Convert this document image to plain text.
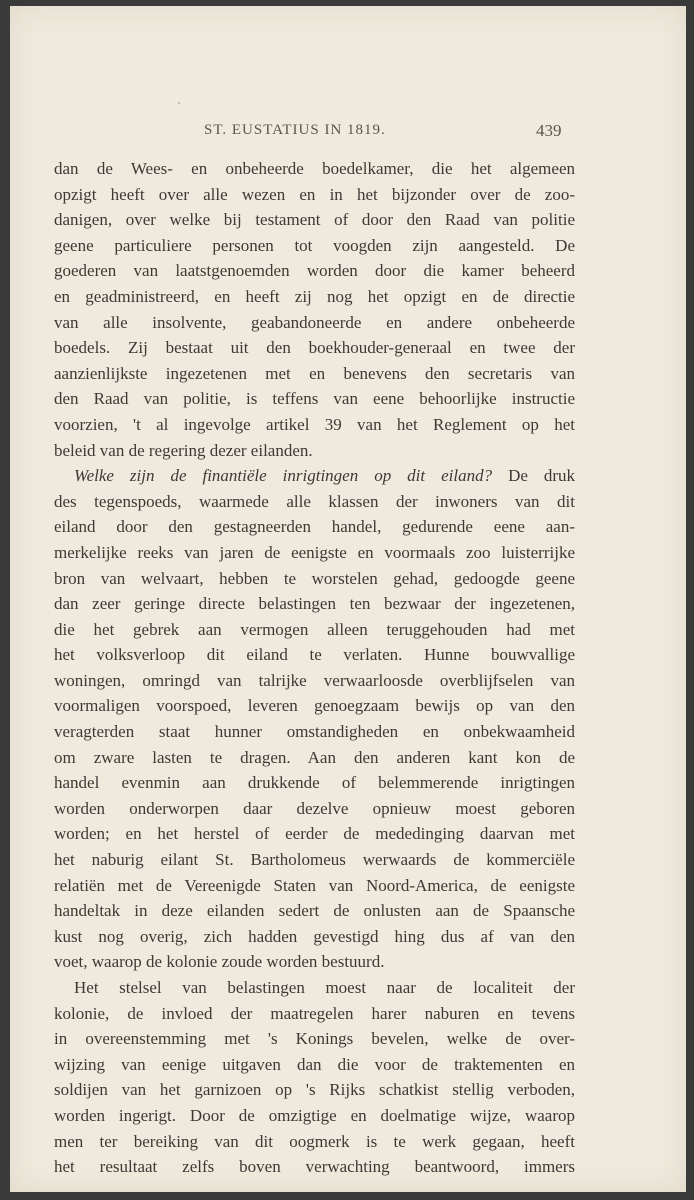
ST. EUSTATIUS IN 1819.	439

dan de Wees- en onbeheerde boedelkamer, die het algemeen

opzigt heeft over alle wezen en in het bijzonder over de zoo-

danigen, over welke bij testament of door den Raad van politie

geene particuliere personen tot voogden zijn aangesteld. De

goederen van laatstgenoemden worden door die kamer beheerd

en geadministreerd, en heeft zij nog het opzigt en de directie

van alle insolvente, geabandoneerde en andere onbeheerde

boedels. Zij bestaat uit den boekhouder-generaal en twee der

aanzienlijkste ingezetenen met en benevens den secretaris van

den Raad van politie, is teffens van eene behoorlijke instructie

voorzien, 't al ingevolge artikel 39 van het Reglement op het

beleid van de regering dezer eilanden.

Welke zijn de finantiële inrigtingen op dit eiland? De druk

des tegenspoeds, waarmede alle klassen der inwoners van dit

eiland door den gestagneerden handel, gedurende eene aan-

merkelijke reeks van jaren de eenigste en voormaals zoo luisterrijke

bron van welvaart, hebben te worstelen gehad, gedoogde geene

dan zeer geringe directe belastingen ten bezwaar der ingezetenen,

die het gebrek aan vermogen alleen teruggehouden had met

het volksverloop dit eiland te verlaten. Hunne bouwvallige

woningen, omringd van talrijke verwaarloosde overblijfselen van

voormaligen voorspoed, leveren genoegzaam bewijs op van den

veragterden staat hunner omstandigheden en onbekwaamheid

om zware lasten te dragen. Aan den anderen kant kon de

handel evenmin aan drukkende of belemmerende inrigtingen

worden onderworpen daar dezelve opnieuw moest geboren

worden; en het herstel of eerder de mededinging daarvan met

het naburig eilant St. Bartholomeus werwaards de kommerciële

relatiën met de Vereenigde Staten van Noord-America, de eenigste

handeltak in deze eilanden sedert de onlusten aan de Spaansche

kust nog overig, zich hadden gevestigd hing dus af van den

voet, waarop de kolonie zoude worden bestuurd.

Het stelsel van belastingen moest naar de localiteit der

kolonie, de invloed der maatregelen harer naburen en tevens

in overeenstemming met 's Konings bevelen, welke de over-

wijzing van eenige uitgaven dan die voor de traktementen en

soldijen van het garnizoen op 's Rijks schatkist stellig verboden,

worden ingerigt. Door de omzigtige en doelmatige wijze, waarop

men ter bereiking van dit oogmerk is te werk gegaan, heeft

het resultaat zelfs boven verwachting beantwoord, immers
